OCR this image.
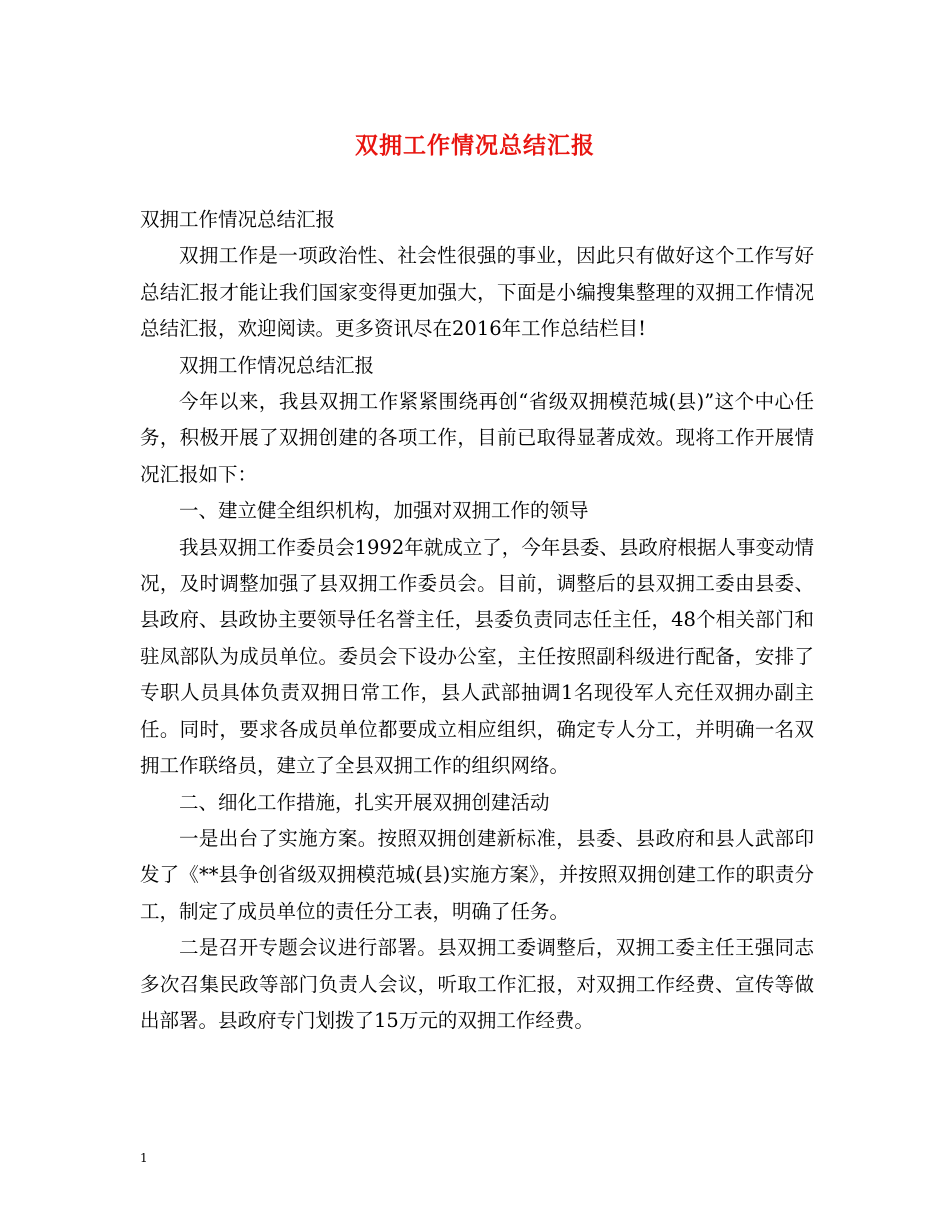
双拥工作情况总结汇报

双拥工作情况总结汇报

双拥工作是一项政治性、社会性很强的事业，因此只有做好这个工作写好总结汇报才能让我们国家变得更加强大，下面是小编搜集整理的双拥工作情况总结汇报，欢迎阅读。更多资讯尽在2016年工作总结栏目!

双拥工作情况总结汇报

今年以来，我县双拥工作紧紧围绕再创“省级双拥模范城(县)”这个中心任务，积极开展了双拥创建的各项工作，目前已取得显著成效。现将工作开展情况汇报如下：

一、建立健全组织机构，加强对双拥工作的领导

我县双拥工作委员会1992年就成立了，今年县委、县政府根据人事变动情况，及时调整加强了县双拥工作委员会。目前，调整后的县双拥工委由县委、县政府、县政协主要领导任名誉主任，县委负责同志任主任，48个相关部门和驻凤部队为成员单位。委员会下设办公室，主任按照副科级进行配备，安排了专职人员具体负责双拥日常工作，县人武部抽调1名现役军人充任双拥办副主任。同时，要求各成员单位都要成立相应组织，确定专人分工，并明确一名双拥工作联络员，建立了全县双拥工作的组织网络。

二、细化工作措施，扎实开展双拥创建活动

一是出台了实施方案。按照双拥创建新标准，县委、县政府和县人武部印发了《**县争创省级双拥模范城(县)实施方案》，并按照双拥创建工作的职责分工，制定了成员单位的责任分工表，明确了任务。

二是召开专题会议进行部署。县双拥工委调整后，双拥工委主任王强同志多次召集民政等部门负责人会议，听取工作汇报，对双拥工作经费、宣传等做出部署。县政府专门划拨了15万元的双拥工作经费。

1
